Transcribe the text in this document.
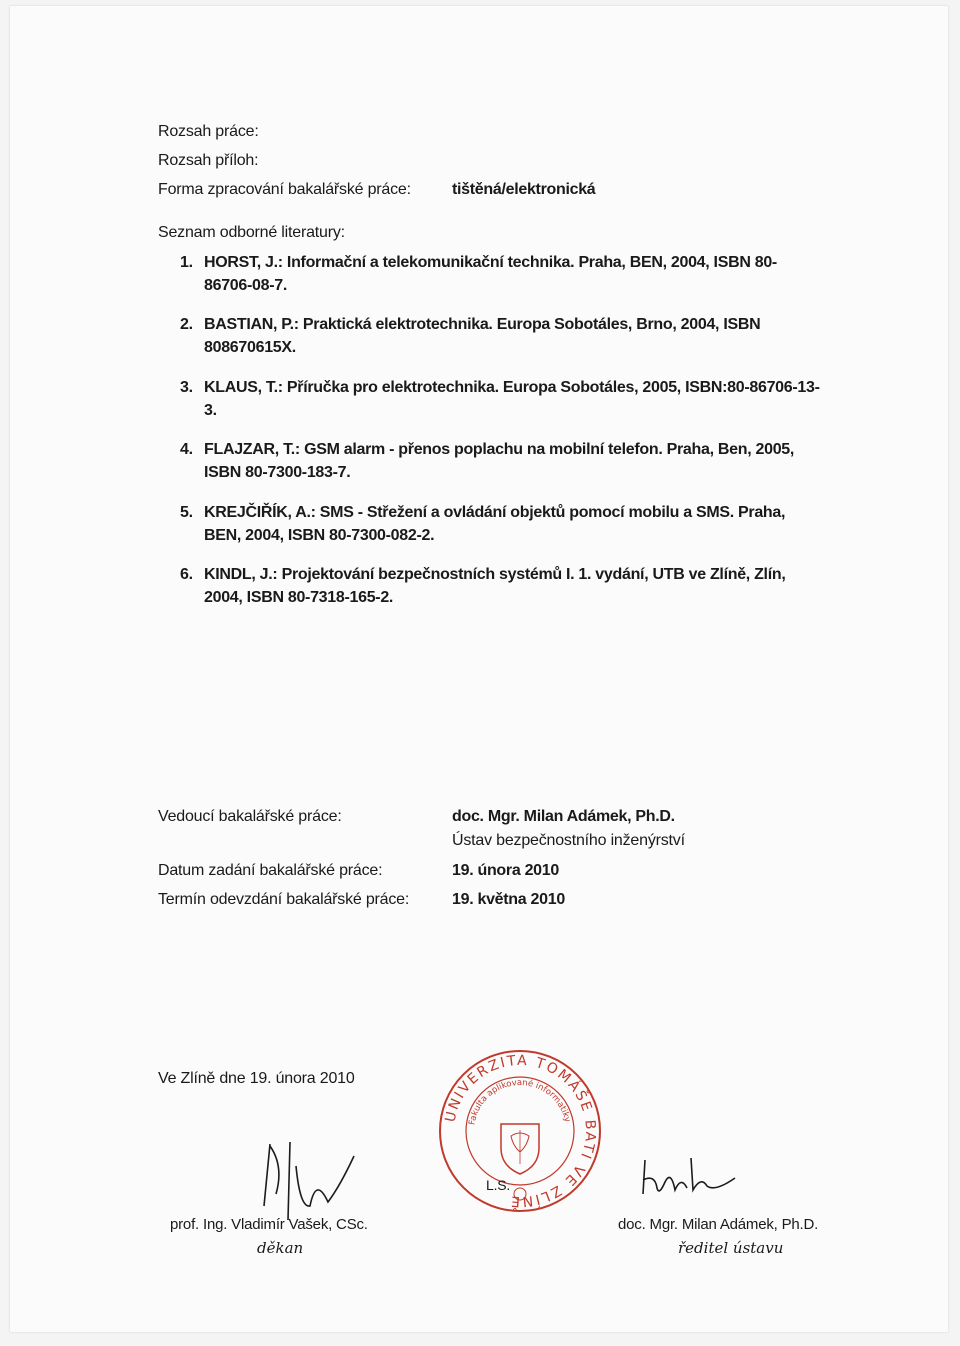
Rozsah práce:
Rozsah příloh:
Forma zpracování bakalářské práce:	tištěná/elektronická
Seznam odborné literatury:
1. HORST, J.: Informační a telekomunikační technika. Praha, BEN, 2004, ISBN 80-86706-08-7.
2. BASTIAN, P.: Praktická elektrotechnika. Europa Sobotáles, Brno, 2004, ISBN 808670615X.
3. KLAUS, T.: Příručka pro elektrotechnika. Europa Sobotáles, 2005, ISBN:80-86706-13-3.
4. FLAJZAR, T.: GSM alarm - přenos poplachu na mobilní telefon. Praha, Ben, 2005, ISBN 80-7300-183-7.
5. KREJČIŘÍK, A.: SMS - Střežení a ovládání objektů pomocí mobilu a SMS. Praha, BEN, 2004, ISBN 80-7300-082-2.
6. KINDL, J.: Projektování bezpečnostních systémů I. 1. vydání, UTB ve Zlíně, Zlín, 2004, ISBN 80-7318-165-2.
Vedoucí bakalářské práce:	doc. Mgr. Milan Adámek, Ph.D.
Ústav bezpečnostního inženýrství
Datum zadání bakalářské práce:	19. února 2010
Termín odevzdání bakalářské práce:	19. května 2010
Ve Zlíně dne 19. února 2010
UNIVERZITA TOMÁŠE BATI VE ZLÍNĚ
Fakulta aplikované informatiky
L.S.
prof. Ing. Vladimír Vašek, CSc.
děkan
doc. Mgr. Milan Adámek, Ph.D.
ředitel ústavu
